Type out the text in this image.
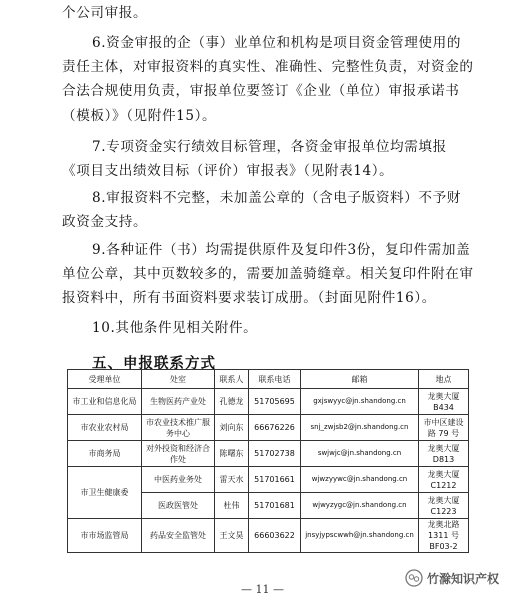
个公司审报。

6.资金审报的企（事）业单位和机构是项目资金管理使用的责任主体，对审报资料的真实性、准确性、完整性负责，对资金的合法合规使用负责，审报单位要签订《企业（单位）审报承诺书（模板）》（见附件15）。

7.专项资金实行绩效目标管理，各资金审报单位均需填报《项目支出绩效目标（评价）审报表》（见附表14）。

8.审报资料不完整，未加盖公章的（含电子版资料）不予财政资金支持。

9.各种证件（书）均需提供原件及复印件3份，复印件需加盖单位公章，其中页数较多的，需要加盖骑缝章。相关复印件附在审报资料中，所有书面资料要求装订成册。（封面见附件16）。

10.其他条件见相关附件。

五、申报联系方式
受理单位	处室	联系人	联系电话	邮箱	地点
市工业和信息化局	生物医药产业处	孔德龙	51705695	gxjswyyc@jn.shandong.cn	龙奥大厦 B434
市农业农村局	市农业技术推广服务中心	刘向东	66676226	snj_zwjsb2@jn.shandong.cn	市中区建设路 79 号
市商务局	对外投资和经济合作处	陈曙东	51702738	swjwjc@jn.shandong.cn	龙奥大厦 D813
市卫生健康委	中医药业务处	雷天水	51701661	wjwzyywc@jn.shandong.cn	龙奥大厦 C1212
	医政医管处	杜伟	51701681	wjwyzygc@jn.shandong.cn	龙奥大厦 C1223
市市场监管局	药品安全监管处	王文昊	66603622	jnsyjypscwwh@jn.shandong.cn	龙奥北路 1311 号 BF03-2
竹滁知识产权
— 11 —
